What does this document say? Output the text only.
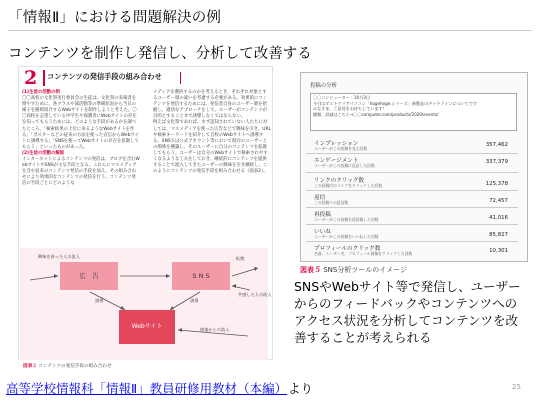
「情報Ⅱ」における問題解決の例
コンテンツを制作し発信し、分析して改善する
2 コンテンツの発信手段の組み合わせ
(1)生徒の活動の例
〇〇高校の文化祭実行委員会の生徒は、文化祭の来場者を増やすために、各クラスや部活動等の準備状況から当日の様子を随時紹介するWebサイトを制作しようと考えた。〇〇高校を志望している中学生や保護者にWebサイトの存在を知ってもらうためには、どのような手段があるかを調べたところ、「検索結果の上位に来るようなWebサイトを作る」「ポスターなどの従来の方法を使った宣伝からWebサイトに誘導する」「SNSを使ってWebサイトの存在を拡散してもらう」といったものがあった。
(2)生徒の活動の解説
インターネットによるコンテンツの発信は、ブログを含むWebサイトやSNSが主な手段となる。これらにマスメディアを含む従来のコンテンツ発信の手段を加え、その組み合わせにより効果的なコンテンツの発信を行う。コンテンツ発信の手段ごとにどのような
メディアを選択するのかを考えるとき、それぞれ対象とするユーザー層の違いを考慮する必要がある。効果的にコンテンツを発信するためには、発信者自身のユーザー層を把握し、適切なアプローチをして、ユーザーがコンテンツが目的とすることまで誘導しなくてはならない。
例えば文化祭であれば、まず認知されていない人たちに対しては、マスメディアを使った広告などで興味を引き、URLや検索キーワードを紹介して自校のWebサイトへ誘導する。SNSでは公式アカウント等において既存のユーザーとの関係を構築し、そのユーザーに自分のコンテンツを拡散してもらう。ユーザーは自分のWebサイトで検索されやすくなるような工夫をしておき、継続的にコンテンツを提供することで流入してきたユーザーの興味を引き継続し、このようにコンテンツの発信手段を組み合わせる（図表2）。
広　告	S N S
Webサイト
興味を持った人の流入	拡散
誘導	誘導
共感した人の流入
検索からの流入
図表２ コンテンツの発信手段の組み合わせ
投稿の分析
〇〇コンピューター・10月3日
今日はダストクリアパソコン「hogehoge.シリーズ」新製品のデッドラインについてです
みなさま、ご意見をお待ちしています！
種類、詳細はこちら→〇〇computer.com/products/2020/events/
インプレッション
ユーザーがこの投稿を見た回数
357,462
エンゲージメント
ユーザーがこの投稿に反応した回数
337,379
リンクのクリック数
この投稿内のリンクをクリックした回数	125,378
返信
この投稿への返信数	72,457
再投稿
ユーザーがこの投稿を再投稿した回数	41,016
いいね
ユーザーがこの投稿をいいねした回数	85,827
プロフィールのクリック数
名前、ユーザー名、プロフィール画像をクリックした回数	10,301
図表５ SNS分析ツールのイメージ
SNSやWebサイト等で発信し、ユーザー
からのフィードバックやコンテンツへの
アクセス状況を分析してコンテンツを改
善することが考えられる
高等学校情報科「情報Ⅱ」教員研修用教材（本編） より	25
